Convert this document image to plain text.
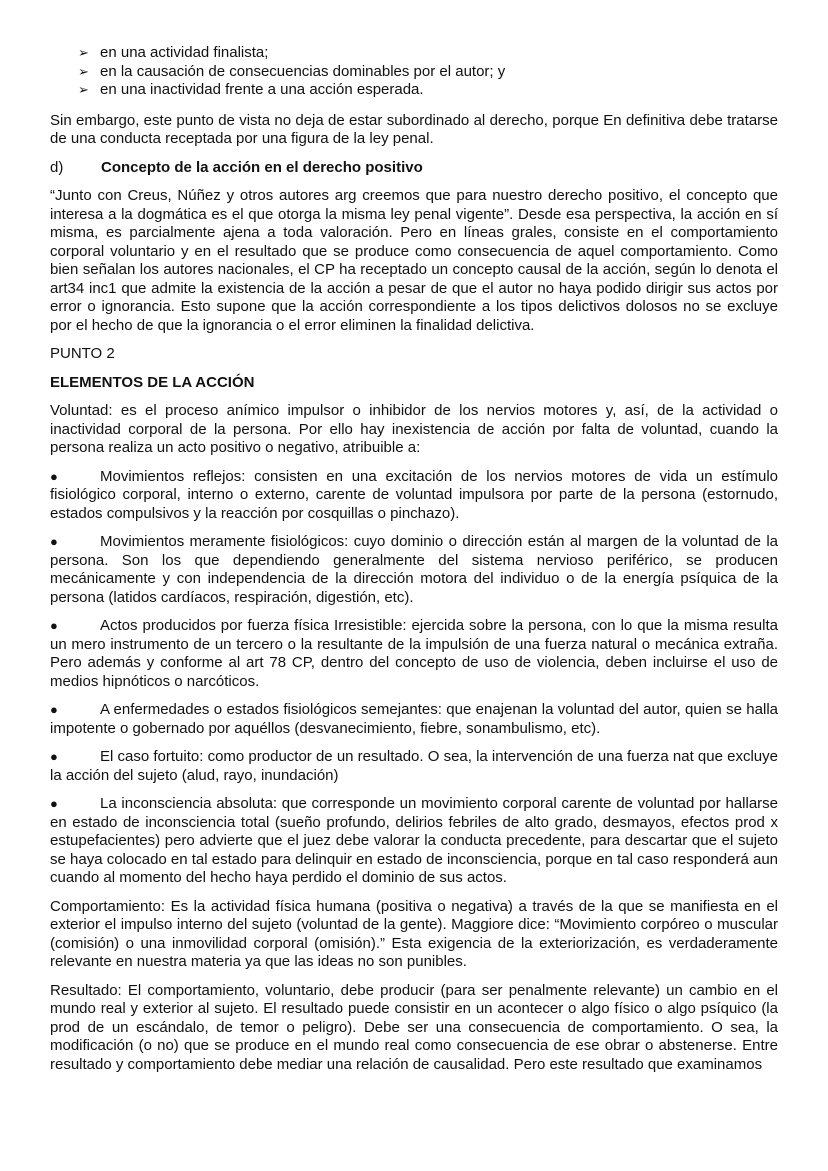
➢ en una actividad finalista;
➢ en la causación de consecuencias dominables por el autor; y
➢ en una inactividad frente a una acción esperada.

Sin embargo, este punto de vista no deja de estar subordinado al derecho, porque En definitiva debe tratarse de una conducta receptada por una figura de la ley penal.

d)	Concepto de la acción en el derecho positivo

“Junto con Creus, Núñez y otros autores arg creemos que para nuestro derecho positivo, el concepto que interesa a la dogmática es el que otorga la misma ley penal vigente”. Desde esa perspectiva, la acción en sí misma, es parcialmente ajena a toda valoración. Pero en líneas grales, consiste en el comportamiento corporal voluntario y en el resultado que se produce como consecuencia de aquel comportamiento. Como bien señalan los autores nacionales, el CP ha receptado un concepto causal de la acción, según lo denota el art34 inc1 que admite la existencia de la acción a pesar de que el autor no haya podido dirigir sus actos por error o ignorancia. Esto supone que la acción correspondiente a los tipos delictivos dolosos no se excluye por el hecho de que la ignorancia o el error eliminen la finalidad delictiva.

PUNTO 2

ELEMENTOS DE LA ACCIÓN

Voluntad: es el proceso anímico impulsor o inhibidor de los nervios motores y, así, de la actividad o inactividad corporal de la persona. Por ello hay inexistencia de acción por falta de voluntad, cuando la persona realiza un acto positivo o negativo, atribuible a:

●	Movimientos reflejos: consisten en una excitación de los nervios motores de vida un estímulo fisiológico corporal, interno o externo, carente de voluntad impulsora por parte de la persona (estornudo, estados compulsivos y la reacción por cosquillas o pinchazo).

●	Movimientos meramente fisiológicos: cuyo dominio o dirección están al margen de la voluntad de la persona. Son los que dependiendo generalmente del sistema nervioso periférico, se producen mecánicamente y con independencia de la dirección motora del individuo o de la energía psíquica de la persona (latidos cardíacos, respiración, digestión, etc).

●	Actos producidos por fuerza física Irresistible: ejercida sobre la persona, con lo que la misma resulta un mero instrumento de un tercero o la resultante de la impulsión de una fuerza natural o mecánica extraña. Pero además y conforme al art 78 CP, dentro del concepto de uso de violencia, deben incluirse el uso de medios hipnóticos o narcóticos.

●	A enfermedades o estados fisiológicos semejantes: que enajenan la voluntad del autor, quien se halla impotente o gobernado por aquéllos (desvanecimiento, fiebre, sonambulismo, etc).

●	El caso fortuito: como productor de un resultado. O sea, la intervención de una fuerza nat que excluye la acción del sujeto (alud, rayo, inundación)

●	La inconsciencia absoluta: que corresponde un movimiento corporal carente de voluntad por hallarse en estado de inconsciencia total (sueño profundo, delirios febriles de alto grado, desmayos, efectos prod x estupefacientes) pero advierte que el juez debe valorar la conducta precedente, para descartar que el sujeto se haya colocado en tal estado para delinquir en estado de inconsciencia, porque en tal caso responderá aun cuando al momento del hecho haya perdido el dominio de sus actos.

Comportamiento: Es la actividad física humana (positiva o negativa) a través de la que se manifiesta en el exterior el impulso interno del sujeto (voluntad de la gente). Maggiore dice: “Movimiento corpóreo o muscular (comisión) o una inmovilidad corporal (omisión).” Esta exigencia de la exteriorización, es verdaderamente relevante en nuestra materia ya que las ideas no son punibles.

Resultado: El comportamiento, voluntario, debe producir (para ser penalmente relevante) un cambio en el mundo real y exterior al sujeto. El resultado puede consistir en un acontecer o algo físico o algo psíquico (la prod de un escándalo, de temor o peligro). Debe ser una consecuencia de comportamiento. O sea, la modificación (o no) que se produce en el mundo real como consecuencia de ese obrar o abstenerse. Entre resultado y comportamiento debe mediar una relación de causalidad. Pero este resultado que examinamos
